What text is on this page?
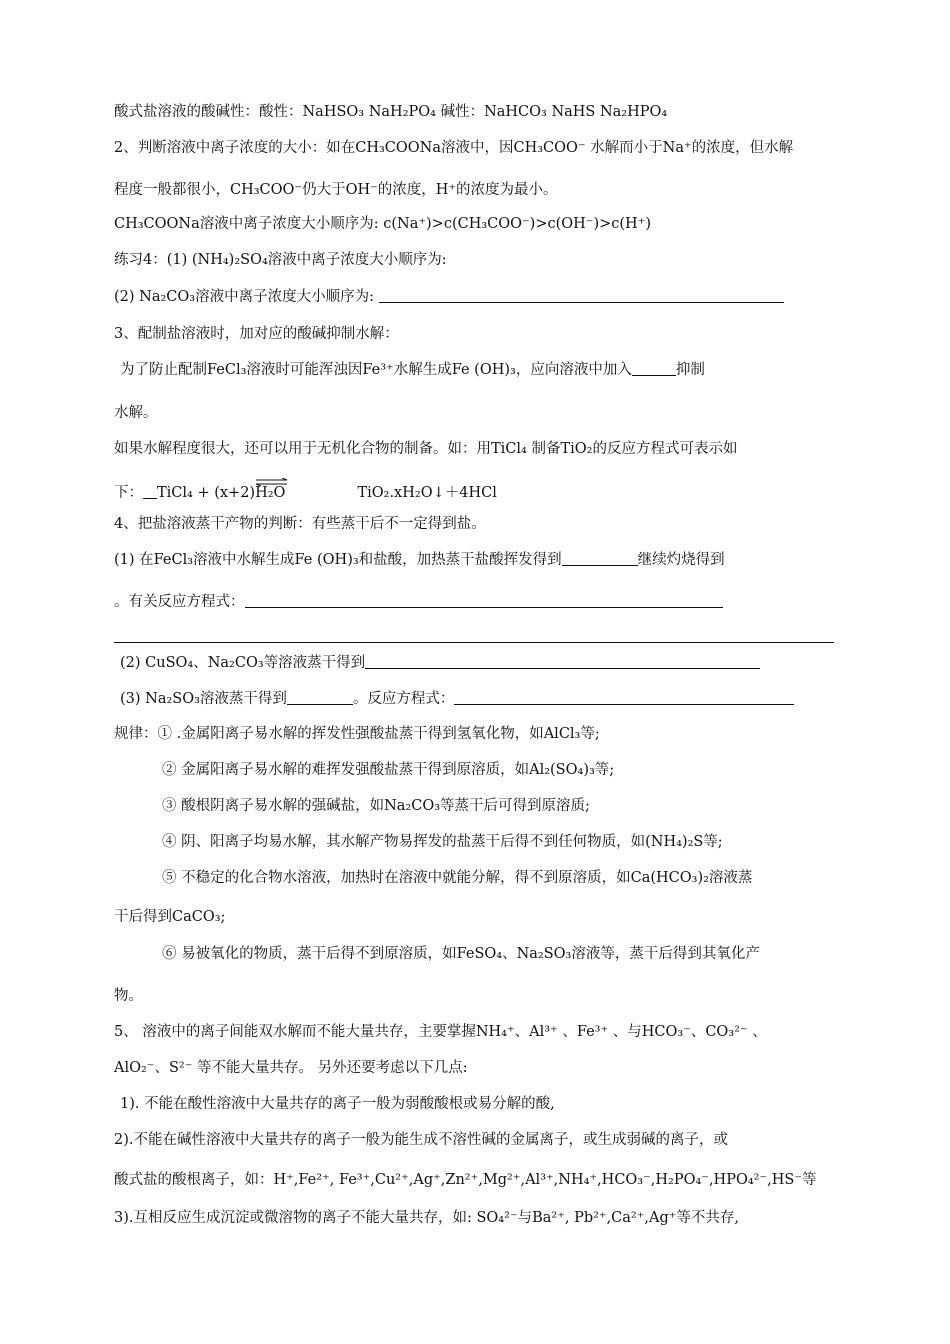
酸式盐溶液的酸碱性：酸性：NaHSO₃ NaH₂PO₄ 碱性：NaHCO₃ NaHS Na₂HPO₄
2、判断溶液中离子浓度的大小：如在CH₃COONa溶液中，因CH₃COO⁻ 水解而小于Na⁺的浓度，但水解
程度一般都很小，CH₃COO⁻仍大于OH⁻的浓度，H⁺的浓度为最小。
CH₃COONa溶液中离子浓度大小顺序为: c(Na⁺)>c(CH₃COO⁻)>c(OH⁻)>c(H⁺)
练习4：(1) (NH₄)₂SO₄溶液中离子浓度大小顺序为:
(2) Na₂CO₃溶液中离子浓度大小顺序为:
3、配制盐溶液时，加对应的酸碱抑制水解：
为了防止配制FeCl₃溶液时可能浑浊因Fe³⁺水解生成Fe (OH)₃，应向溶液中加入	抑制
水解。
如果水解程度很大，还可以用于无机化合物的制备。如：用TiCl₄ 制备TiO₂的反应方程式可表示如
下： TiCl₄ + (x+2)H₂O	TiO₂.xH₂O↓＋4HCl
4、把盐溶液蒸干产物的判断：有些蒸干后不一定得到盐。
(1) 在FeCl₃溶液中水解生成Fe (OH)₃和盐酸，加热蒸干盐酸挥发得到	继续灼烧得到
。有关反应方程式：
(2) CuSO₄、Na₂CO₃等溶液蒸干得到
(3) Na₂SO₃溶液蒸干得到	。反应方程式：
规律：① .金属阳离子易水解的挥发性强酸盐蒸干得到氢氧化物，如AlCl₃等;
② 金属阳离子易水解的难挥发强酸盐蒸干得到原溶质，如Al₂(SO₄)₃等;
③ 酸根阴离子易水解的强碱盐，如Na₂CO₃等蒸干后可得到原溶质;
④ 阴、阳离子均易水解，其水解产物易挥发的盐蒸干后得不到任何物质，如(NH₄)₂S等;
⑤ 不稳定的化合物水溶液，加热时在溶液中就能分解，得不到原溶质，如Ca(HCO₃)₂溶液蒸
干后得到CaCO₃;
⑥ 易被氧化的物质，蒸干后得不到原溶质，如FeSO₄、Na₂SO₃溶液等，蒸干后得到其氧化产
物。
5、 溶液中的离子间能双水解而不能大量共存，主要掌握NH₄⁺、Al³⁺ 、Fe³⁺ 、与HCO₃⁻、CO₃²⁻ 、
AlO₂⁻、S²⁻ 等不能大量共存。 另外还要考虑以下几点:
1). 不能在酸性溶液中大量共存的离子一般为弱酸酸根或易分解的酸,
2).不能在碱性溶液中大量共存的离子一般为能生成不溶性碱的金属离子，或生成弱碱的离子，或
酸式盐的酸根离子，如：H⁺,Fe²⁺, Fe³⁺,Cu²⁺,Ag⁺,Zn²⁺,Mg²⁺,Al³⁺,NH₄⁺,HCO₃⁻,H₂PO₄⁻,HPO₄²⁻,HS⁻等
3).互相反应生成沉淀或微溶物的离子不能大量共存，如: SO₄²⁻与Ba²⁺, Pb²⁺,Ca²⁺,Ag⁺等不共存,
